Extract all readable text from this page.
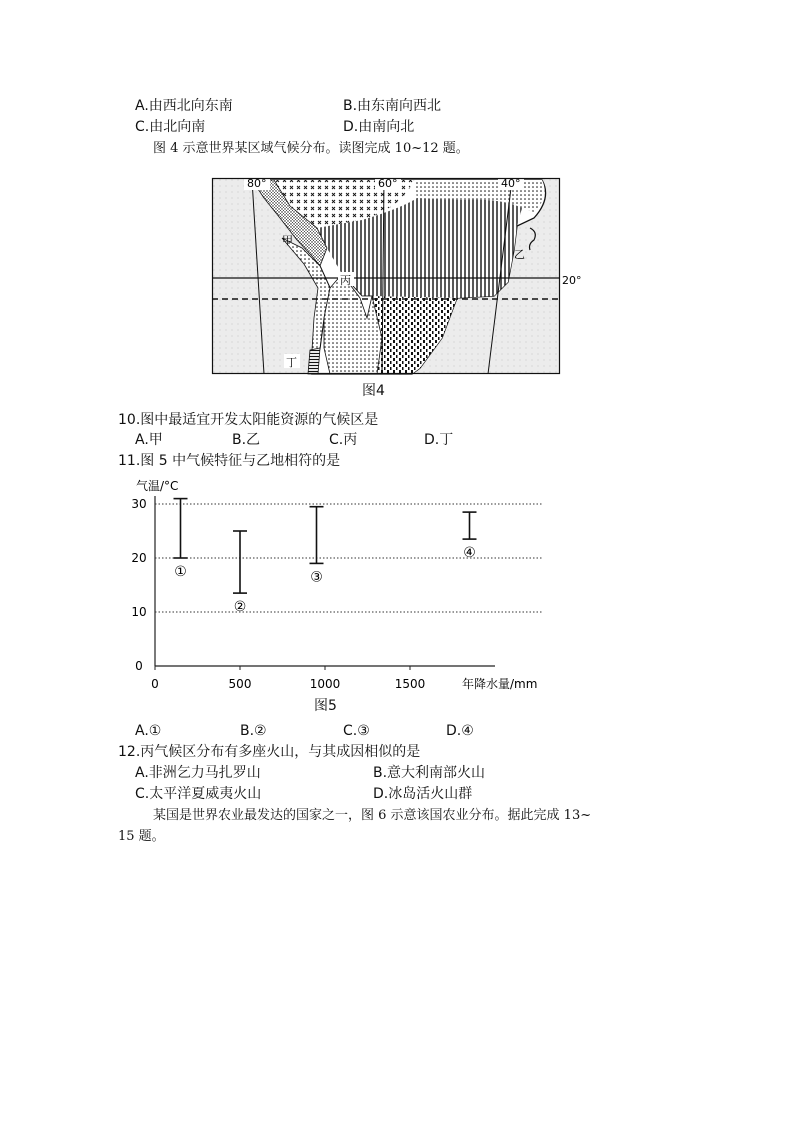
A.由西北向东南	B.由东南向西北
C.由北向南	D.由南向北
图 4 示意世界某区域气候分布。读图完成 10~12 题。
80°	60°	40°
20°
甲
乙
丙
丁
图4
10.图中最适宜开发太阳能资源的气候区是
A.甲	B.乙	C.丙	D.丁
11.图 5 中气候特征与乙地相符的是
气温/°C
年降水量/mm
0
10
20
30
0	500	1000	1500
①
②
③
④
图5
A.①	B.②	C.③	D.④
12.丙气候区分布有多座火山，与其成因相似的是
A.非洲乞力马扎罗山	B.意大利南部火山
C.太平洋夏威夷火山	D.冰岛活火山群
某国是世界农业最发达的国家之一，图 6 示意该国农业分布。据此完成 13~
15 题。
